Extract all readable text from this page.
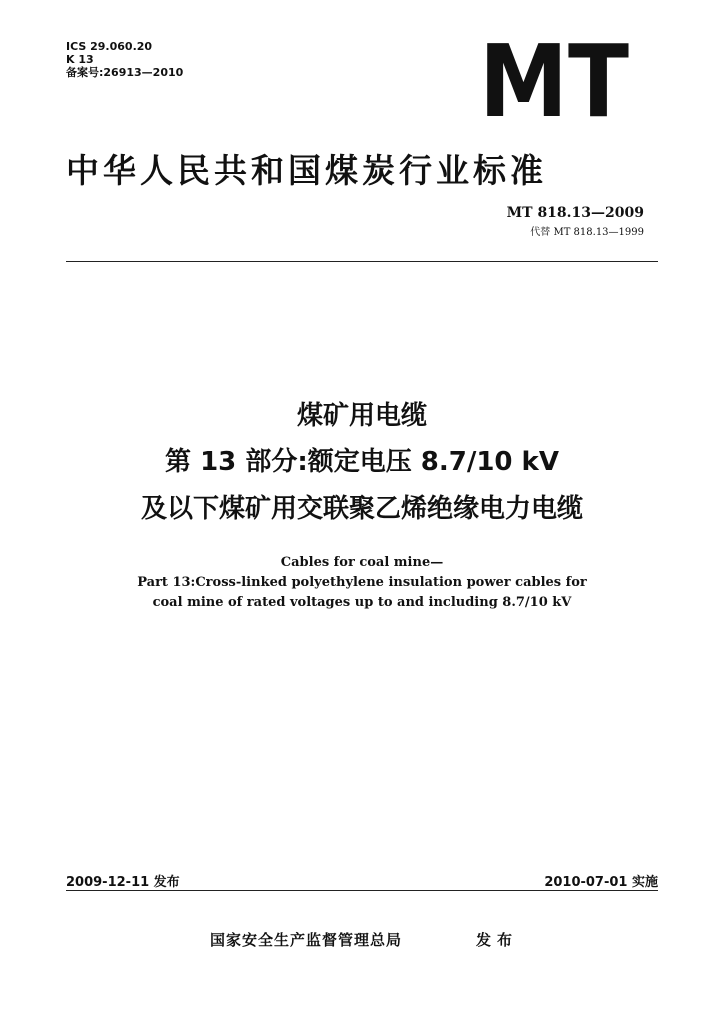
ICS 29.060.20
K 13
备案号:26913—2010	MT
中华人民共和国煤炭行业标准
MT 818.13—2009
代替 MT 818.13—1999
煤矿用电缆
第 13 部分:额定电压 8.7/10 kV
及以下煤矿用交联聚乙烯绝缘电力电缆
Cables for coal mine—
Part 13:Cross-linked polyethylene insulation power cables for
coal mine of rated voltages up to and including 8.7/10 kV
2009-12-11 发布	2010-07-01 实施
国家安全生产监督管理总局	发布
